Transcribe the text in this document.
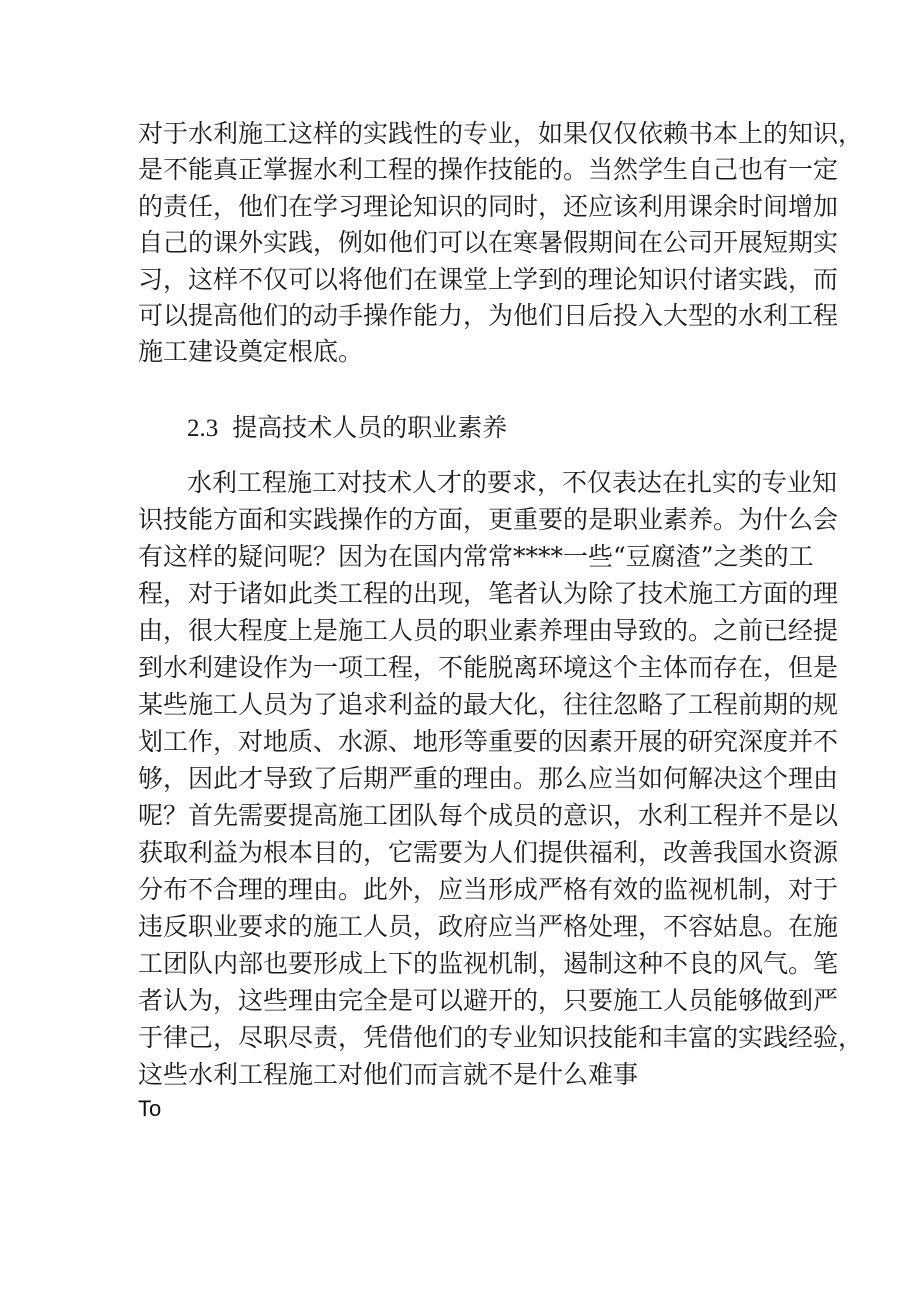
对于水利施工这样的实践性的专业，如果仅仅依赖书本上的知识，
是不能真正掌握水利工程的操作技能的。当然学生自己也有一定
的责任，他们在学习理论知识的同时，还应该利用课余时间增加
自己的课外实践，例如他们可以在寒暑假期间在公司开展短期实
习，这样不仅可以将他们在课堂上学到的理论知识付诸实践，而
可以提高他们的动手操作能力，为他们日后投入大型的水利工程
施工建设奠定根底。
2.3 提高技术人员的职业素养
水利工程施工对技术人才的要求，不仅表达在扎实的专业知
识技能方面和实践操作的方面，更重要的是职业素养。为什么会
有这样的疑问呢？因为在国内常常****一些“豆腐渣”之类的工
程，对于诸如此类工程的出现，笔者认为除了技术施工方面的理
由，很大程度上是施工人员的职业素养理由导致的。之前已经提
到水利建设作为一项工程，不能脱离环境这个主体而存在，但是
某些施工人员为了追求利益的最大化，往往忽略了工程前期的规
划工作，对地质、水源、地形等重要的因素开展的研究深度并不
够，因此才导致了后期严重的理由。那么应当如何解决这个理由
呢？首先需要提高施工团队每个成员的意识，水利工程并不是以
获取利益为根本目的，它需要为人们提供福利，改善我国水资源
分布不合理的理由。此外，应当形成严格有效的监视机制，对于
违反职业要求的施工人员，政府应当严格处理，不容姑息。在施
工团队内部也要形成上下的监视机制，遏制这种不良的风气。笔
者认为，这些理由完全是可以避开的，只要施工人员能够做到严
于律己，尽职尽责，凭借他们的专业知识技能和丰富的实践经验，
这些水利工程施工对他们而言就不是什么难事
To
